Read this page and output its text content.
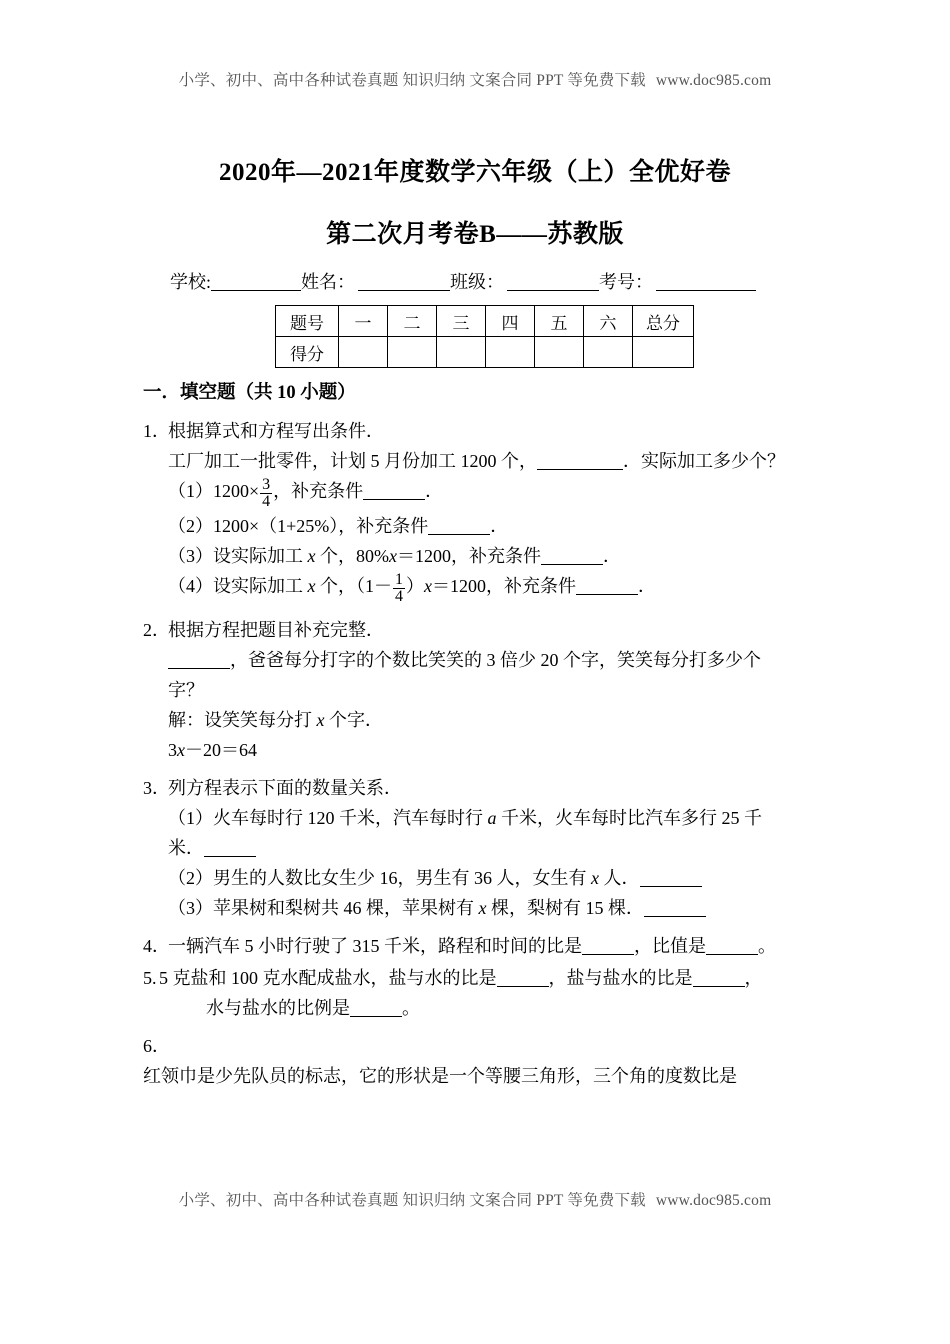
小学、初中、高中各种试卷真题 知识归纳 文案合同 PPT 等免费下载 www.doc985.com
2020年—2021年度数学六年级（上）全优好卷
第二次月考卷B——苏教版
学校:	姓名：	班级：	考号：
题号	一	二	三	四	五	六	总分
得分							
一．填空题（共 10 小题）
1．
根据算式和方程写出条件．
工厂加工一批零件，计划 5 月份加工 1200 个，	．实际加工多少个？
$(1)1200\times \frac{3}{4}$ ，补充条件	．
（2）1200×（1+25%），补充条件	．
（3）设实际加工 x 个，80%x＝1200，补充条件	．
（4）设实际加工 x 个，$(1- \frac{1}{4} )x=1200$，补充条件	．
2．
根据方程把题目补充完整．
，爸爸每分打字的个数比笑笑的 3 倍少 20 个字，笑笑每分打多少个
字？
解：设笑笑每分打 x 个字．
3x－20＝64
3．
列方程表示下面的数量关系．
（1）火车每时行 120 千米，汽车每时行 a 千米，火车每时比汽车多行 25 千
米．
（2）男生的人数比女生少 16，男生有 36 人，女生有 x 人．
（3）苹果树和梨树共 46 棵，苹果树有 x 棵，梨树有 15 棵．
4．
一辆汽车 5 小时行驶了 315 千米，路程和时间的比是	，比值是	。
5. 5 克盐和 100 克水配成盐水，盐与水的比是	，盐与盐水的比是	，
水与盐水的比例是	。
6．
红领巾是少先队员的标志，它的形状是一个等腰三角形，三个角的度数比是
小学、初中、高中各种试卷真题 知识归纳 文案合同 PPT 等免费下载 www.doc985.com
